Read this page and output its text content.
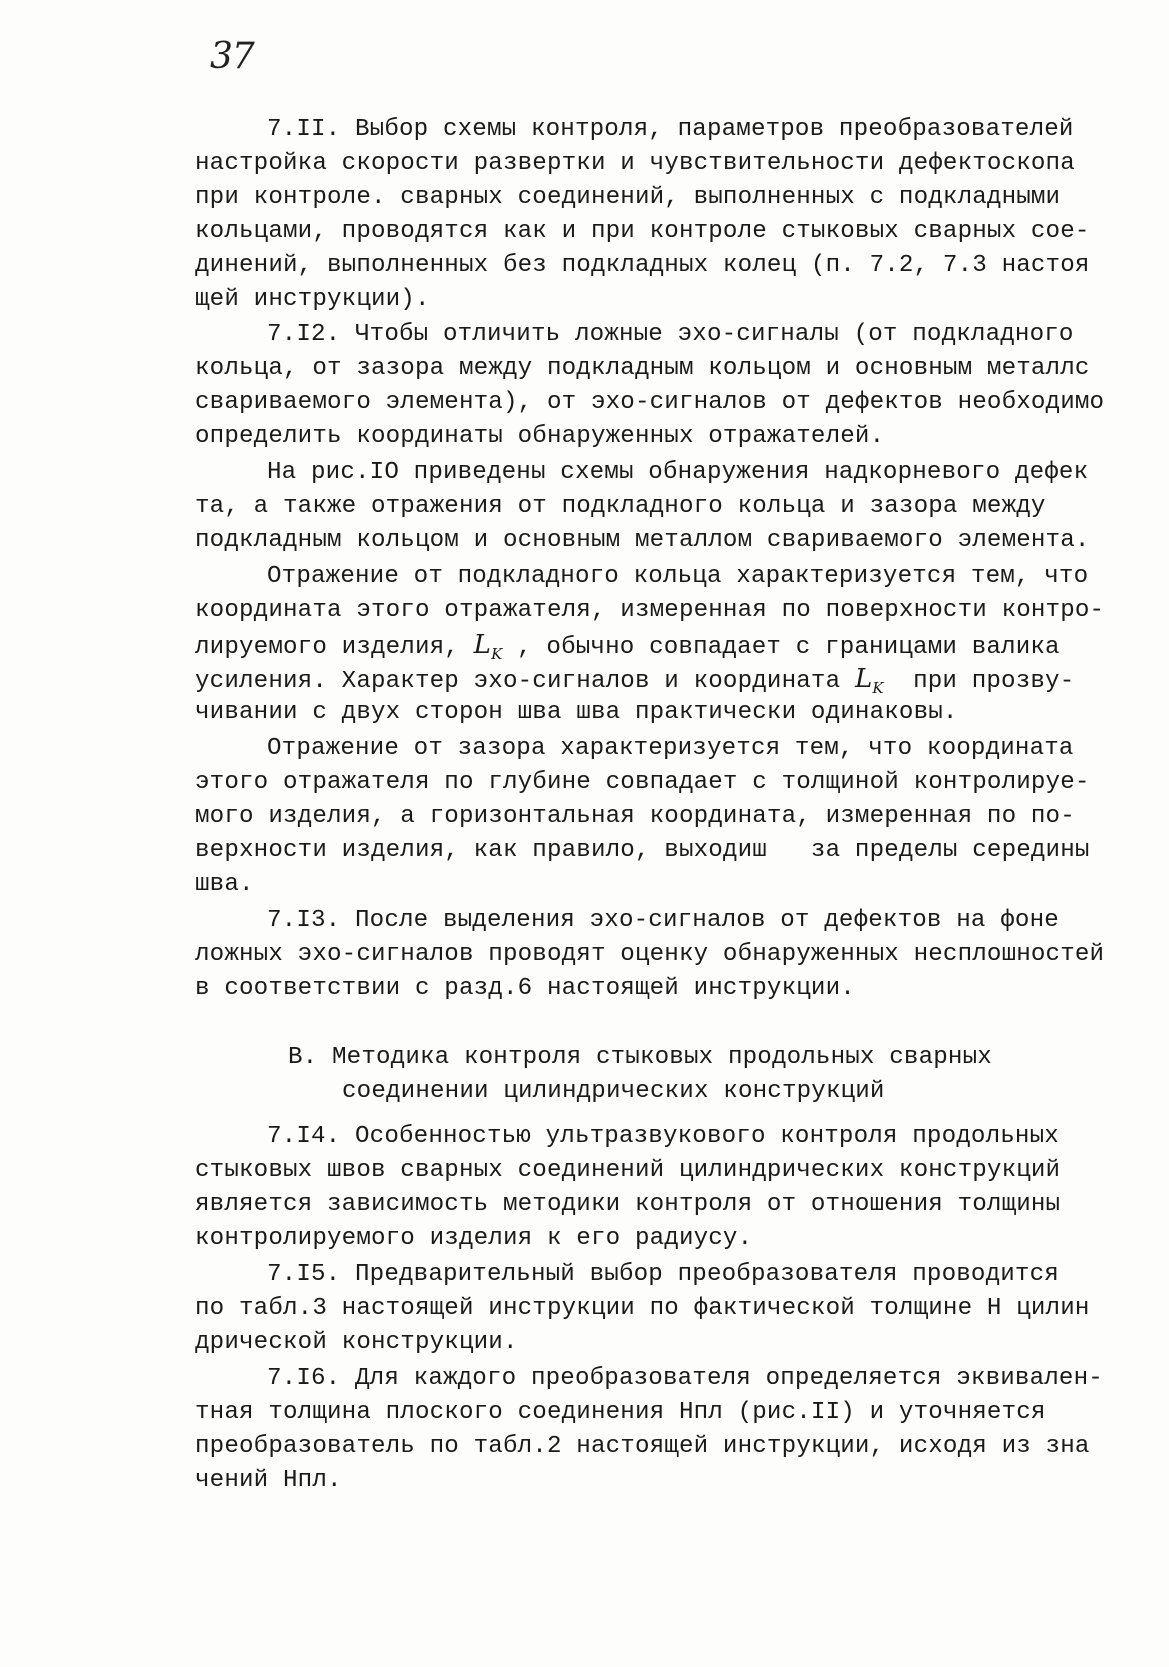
37
7.II. Выбор схемы контроля, параметров преобразователей
настройка скорости развертки и чувствительности дефектоскопа
при контроле. сварных соединений, выполненных с подкладными
кольцами, проводятся как и при контроле стыковых сварных сое-
динений, выполненных без подкладных колец (п. 7.2, 7.3 настоя
щей инструкции).
7.I2. Чтобы отличить ложные эхо-сигналы (от подкладного
кольца, от зазора между подкладным кольцом и основным металлс
свариваемого элемента), от эхо-сигналов от дефектов необходимо
определить координаты обнаруженных отражателей.
На рис.IO приведены схемы обнаружения надкорневого дефек
та, а также отражения от подкладного кольца и зазора между
подкладным кольцом и основным металлом свариваемого элемента.
Отражение от подкладного кольца характеризуется тем, что
координата этого отражателя, измеренная по поверхности контро-
лируемого изделия, $L_K$ , обычно совпадает с границами валика
усиления. Характер эхо-сигналов и координата $L_K$ при прозву-
чивании с двух сторон шва шва практически одинаковы.
Отражение от зазора характеризуется тем, что координата
этого отражателя по глубине совпадает с толщиной контролируе-
мого изделия, а горизонтальная координата, измеренная по по-
верхности изделия, как правило, выходиш   за пределы середины
шва.
7.I3. После выделения эхо-сигналов от дефектов на фоне
ложных эхо-сигналов проводят оценку обнаруженных несплошностей
в соответствии с разд.6 настоящей инструкции.
В. Методика контроля стыковых продольных сварных
соединении цилиндрических конструкций
7.I4. Особенностью ультразвукового контроля продольных
стыковых швов сварных соединений цилиндрических конструкций
является зависимость методики контроля от отношения толщины
контролируемого изделия к его радиусу.
7.I5. Предварительный выбор преобразователя проводится
по табл.3 настоящей инструкции по фактической толщине Н цилин
дрической конструкции.
7.I6. Для каждого преобразователя определяется эквивален-
тная толщина плоского соединения Нпл (рис.II) и уточняется
преобразователь по табл.2 настоящей инструкции, исходя из зна
чений Нпл.
